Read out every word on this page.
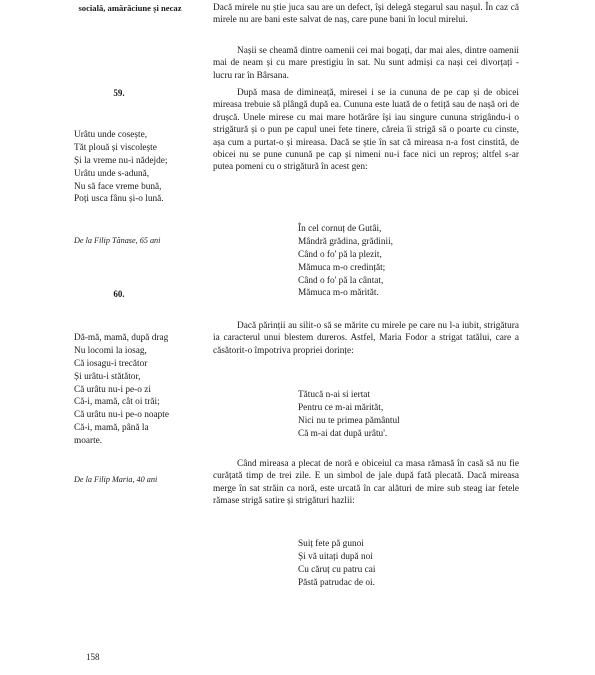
socială, amărăciune și necaz
59.
Urâtu unde cosește,
Tăt plouă și viscolește
Și la vreme nu-i nădejde;
Urâtu unde s-adună,
Nu să face vreme bună,
Poți usca fânu și-o lună.
De la Filip Tănase, 65 ani
60.
Dă-mă, mamă, după drag
Nu locomi la iosag,
Că iosagu-i trecător
Și urâtu-i stătător,
Că urâtu nu-i pe-o zi
Că-i, mamă, cât oi trăi;
Că urâtu nu-i pe-o noapte
Că-i, mamă, până la
moarte.
De la Filip Maria, 40 ani
Dacă mirele nu știe juca sau are un defect, își delegă stegarul sau nașul. În caz că mirele nu are bani este salvat de naș, care pune bani în locul mirelui.
Nașii se cheamă dintre oamenii cei mai bogați, dar mai ales, dintre oamenii mai de neam și cu mare prestigiu în sat. Nu sunt admiși ca nași cei divorțați - lucru rar în Bârsana.
După masa de dimineață, miresei i se ia cununa de pe cap și de obicei mireasa trebuie să plângă după ea. Cununa este luată de o fetiță sau de nașă ori de drușcă. Unele mirese cu mai mare hotărâre își iau singure cununa strigându-i o strigătură și o pun pe capul unei fete tinere, căreia îi strigă să o poarte cu cinste, așa cum a purtat-o și mireasa. Dacă se știe în sat că mireasa n-a fost cinstită, de obicei nu se pune cunună pe cap și nimeni nu-i face nici un reproș; altfel s-ar putea pomeni cu o strigătură în acest gen:
În cel cornuț de Gutâi,
Mândră grădina, grădinii,
Când o fo' pă la plezit,
Mămuca m-o credințăt;
Când o fo' pă la cântat,
Mămuca m-o mărităt.
Dacă părinții au silit-o să se mărite cu mirele pe care nu l-a iubit, strigătura ia caracterul unui blestem dureros. Astfel, Maria Fodor a strigat tatălui, care a căsătorit-o împotriva propriei dorințe:
Tătucă n-ai si iertat
Pentru ce m-ai mărităt,
Nici nu te primea pământul
Că m-ai dat după urâtu'.
Când mireasa a plecat de noră e obiceiul ca masa rămasă în casă să nu fie curățată timp de trei zile. E un simbol de jale după fată plecată. Dacă mireasa merge în sat străin ca noră, este urcată în car alături de mire sub steag iar fetele rămase strigă satire și strigături hazlii:
Suiț fete pă gunoi
Și vă uitați după noi
Cu căruț cu patru cai
Păstă patrudac de oi.
158
